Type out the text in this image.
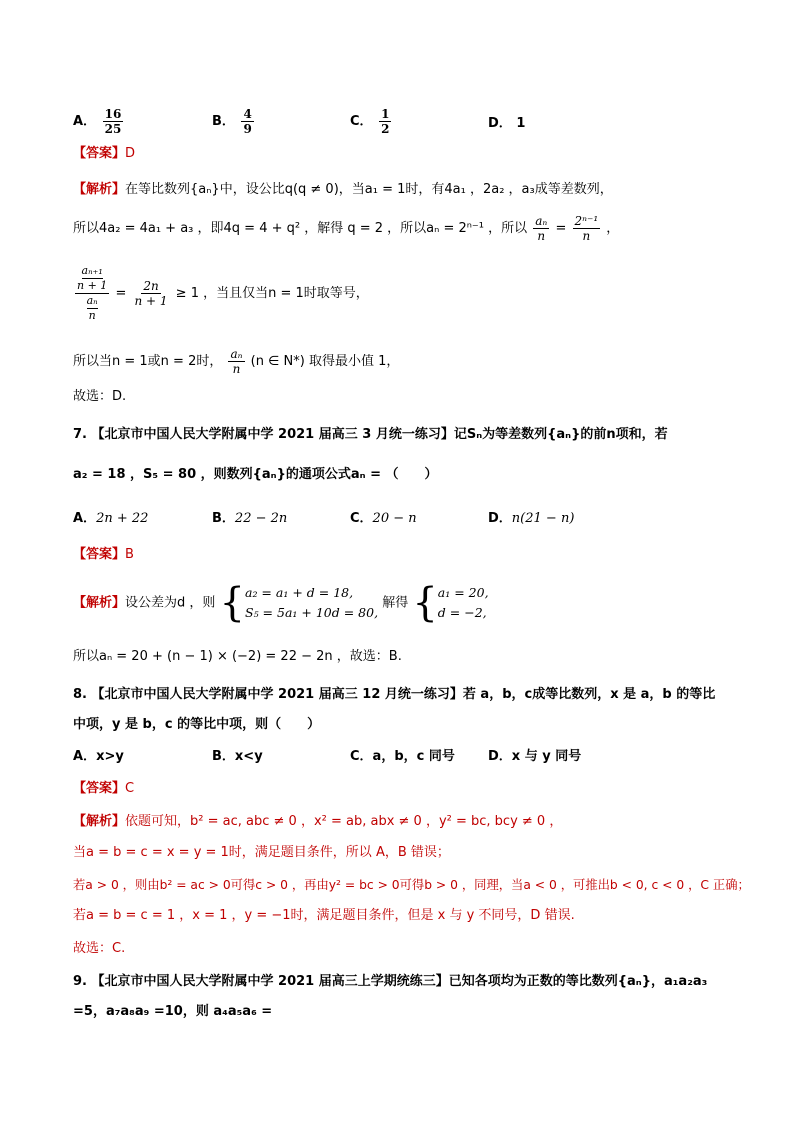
A． $\frac{16}{25}$	B． $\frac{4}{9}$	C． $\frac{1}{2}$	D． 1
【答案】D
【解析】在等比数列{aₙ}中，设公比q(q ≠ 0)，当a₁ = 1时，有4a₁ ，2a₂ ，a₃成等差数列，
所以4a₂ = 4a₁ + a₃ ，即4q = 4 + q² ，解得 q = 2 ，所以aₙ = 2ⁿ⁻¹ ，所以 $\frac{\text{aₙ}}{n} = \frac{\text{2ⁿ⁻¹}}{n}$ ，
$\frac{\frac{\text{aₙ₊₁}}{n + 1}}{\frac{\text{aₙ}}{n}} = \frac{2n}{n + 1} \ge 1$ ，当且仅当n = 1时取等号，
所以当n = 1或n = 2时， $\frac{\text{aₙ}}{n} (n$ ∈ N*) 取得最小值 1，
故选：D.
7. 【北京市中国人民大学附属中学 2021 届高三 3 月统一练习】记Sₙ为等差数列{aₙ}的前n项和，若
a₂ = 18 ，S₅ = 80 ，则数列{aₙ}的通项公式aₙ = （　　）
A．2n + 22	B．22 − 2n	C．20 − n	D．n(21 − n)
【答案】B
【解析】设公差为d ，则 { a₂ = a₁ + d = 18,
S₅ = 5a₁ + 10d = 80,
解得 { a₁ = 20,
d = −2,
所以aₙ = 20 + (n − 1) × (−2) = 22 − 2n ，故选：B.
8. 【北京市中国人民大学附属中学 2021 届高三 12 月统一练习】若 a，b，c成等比数列，x 是 a，b 的等比
中项，y 是 b，c 的等比中项，则（　　）
A．x>y	B．x<y	C．a，b，c 同号	D．x 与 y 同号
【答案】C
【解析】依题可知，b² = ac, abc ≠ 0 ，x² = ab, abx ≠ 0 ，y² = bc, bcy ≠ 0 ，
当a = b = c = x = y = 1时，满足题目条件，所以 A，B 错误；
若a > 0 ，则由b² = ac > 0可得c > 0 ，再由y² = bc > 0可得b > 0 ，同理，当a < 0 ，可推出b < 0, c < 0 ，C 正确；
若a = b = c = 1 ，x = 1 ，y = −1时，满足题目条件，但是 x 与 y 不同号，D 错误.
故选：C.
9. 【北京市中国人民大学附属中学 2021 届高三上学期统练三】已知各项均为正数的等比数列{aₙ}，a₁a₂a₃
=5，a₇a₈a₉ =10，则 a₄a₅a₆ =
